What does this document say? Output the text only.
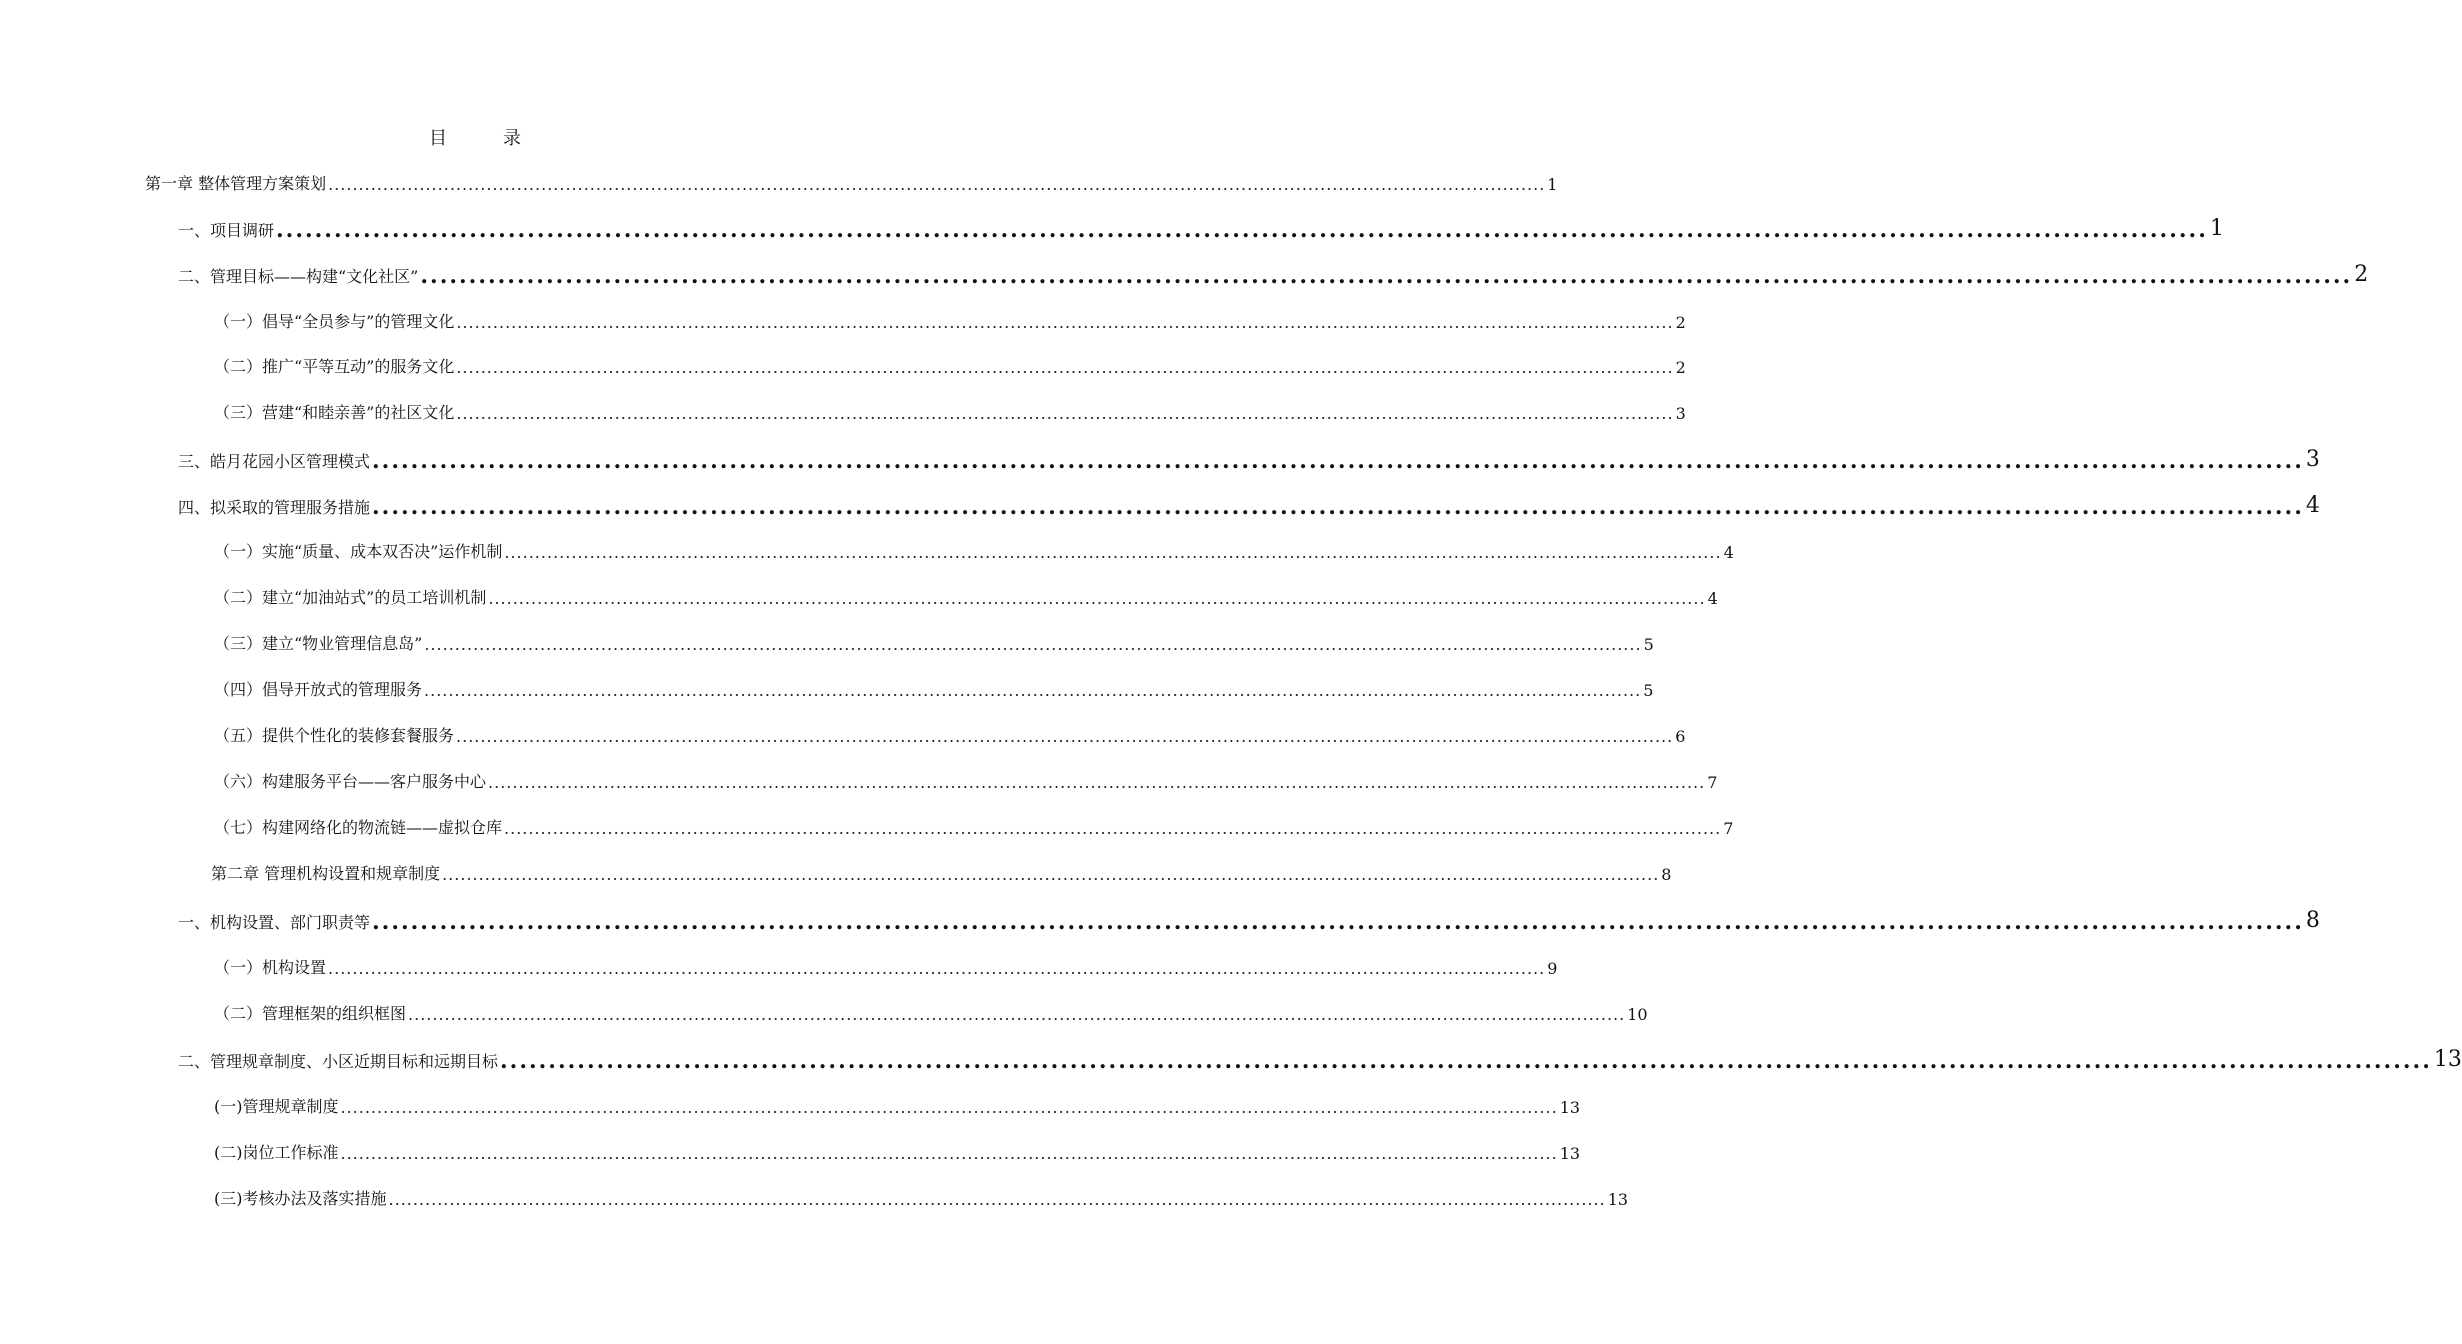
目	录
第一章 整体管理方案策划 ........................................................................................................................................................................................................ 1
一、项目调研 ........................................................................................................................................................................................................ 1
二、管理目标——构建“文化社区” ........................................................................................................................................................................................................ 2
（一）倡导“全员参与”的管理文化 ........................................................................................................................................................................................................ 2
（二）推广“平等互动”的服务文化 ........................................................................................................................................................................................................ 2
（三）营建“和睦亲善”的社区文化 ........................................................................................................................................................................................................ 3
三、皓月花园小区管理模式 ........................................................................................................................................................................................................ 3
四、拟采取的管理服务措施 ........................................................................................................................................................................................................ 4
（一）实施“质量、成本双否决”运作机制 ........................................................................................................................................................................................................ 4
（二）建立“加油站式”的员工培训机制 ........................................................................................................................................................................................................ 4
（三）建立“物业管理信息岛” ........................................................................................................................................................................................................ 5
（四）倡导开放式的管理服务 ........................................................................................................................................................................................................ 5
（五）提供个性化的装修套餐服务 ........................................................................................................................................................................................................ 6
（六）构建服务平台——客户服务中心 ........................................................................................................................................................................................................ 7
（七）构建网络化的物流链——虚拟仓库 ........................................................................................................................................................................................................ 7
第二章 管理机构设置和规章制度 ........................................................................................................................................................................................................ 8
一、机构设置、部门职责等 ........................................................................................................................................................................................................ 8
（一）机构设置 ........................................................................................................................................................................................................ 9
（二）管理框架的组织框图 ........................................................................................................................................................................................................ 10
二、管理规章制度、小区近期目标和远期目标 ........................................................................................................................................................................................................ 13
(一)管理规章制度 ........................................................................................................................................................................................................ 13
(二)岗位工作标准 ........................................................................................................................................................................................................ 13
(三)考核办法及落实措施 ........................................................................................................................................................................................................ 13
